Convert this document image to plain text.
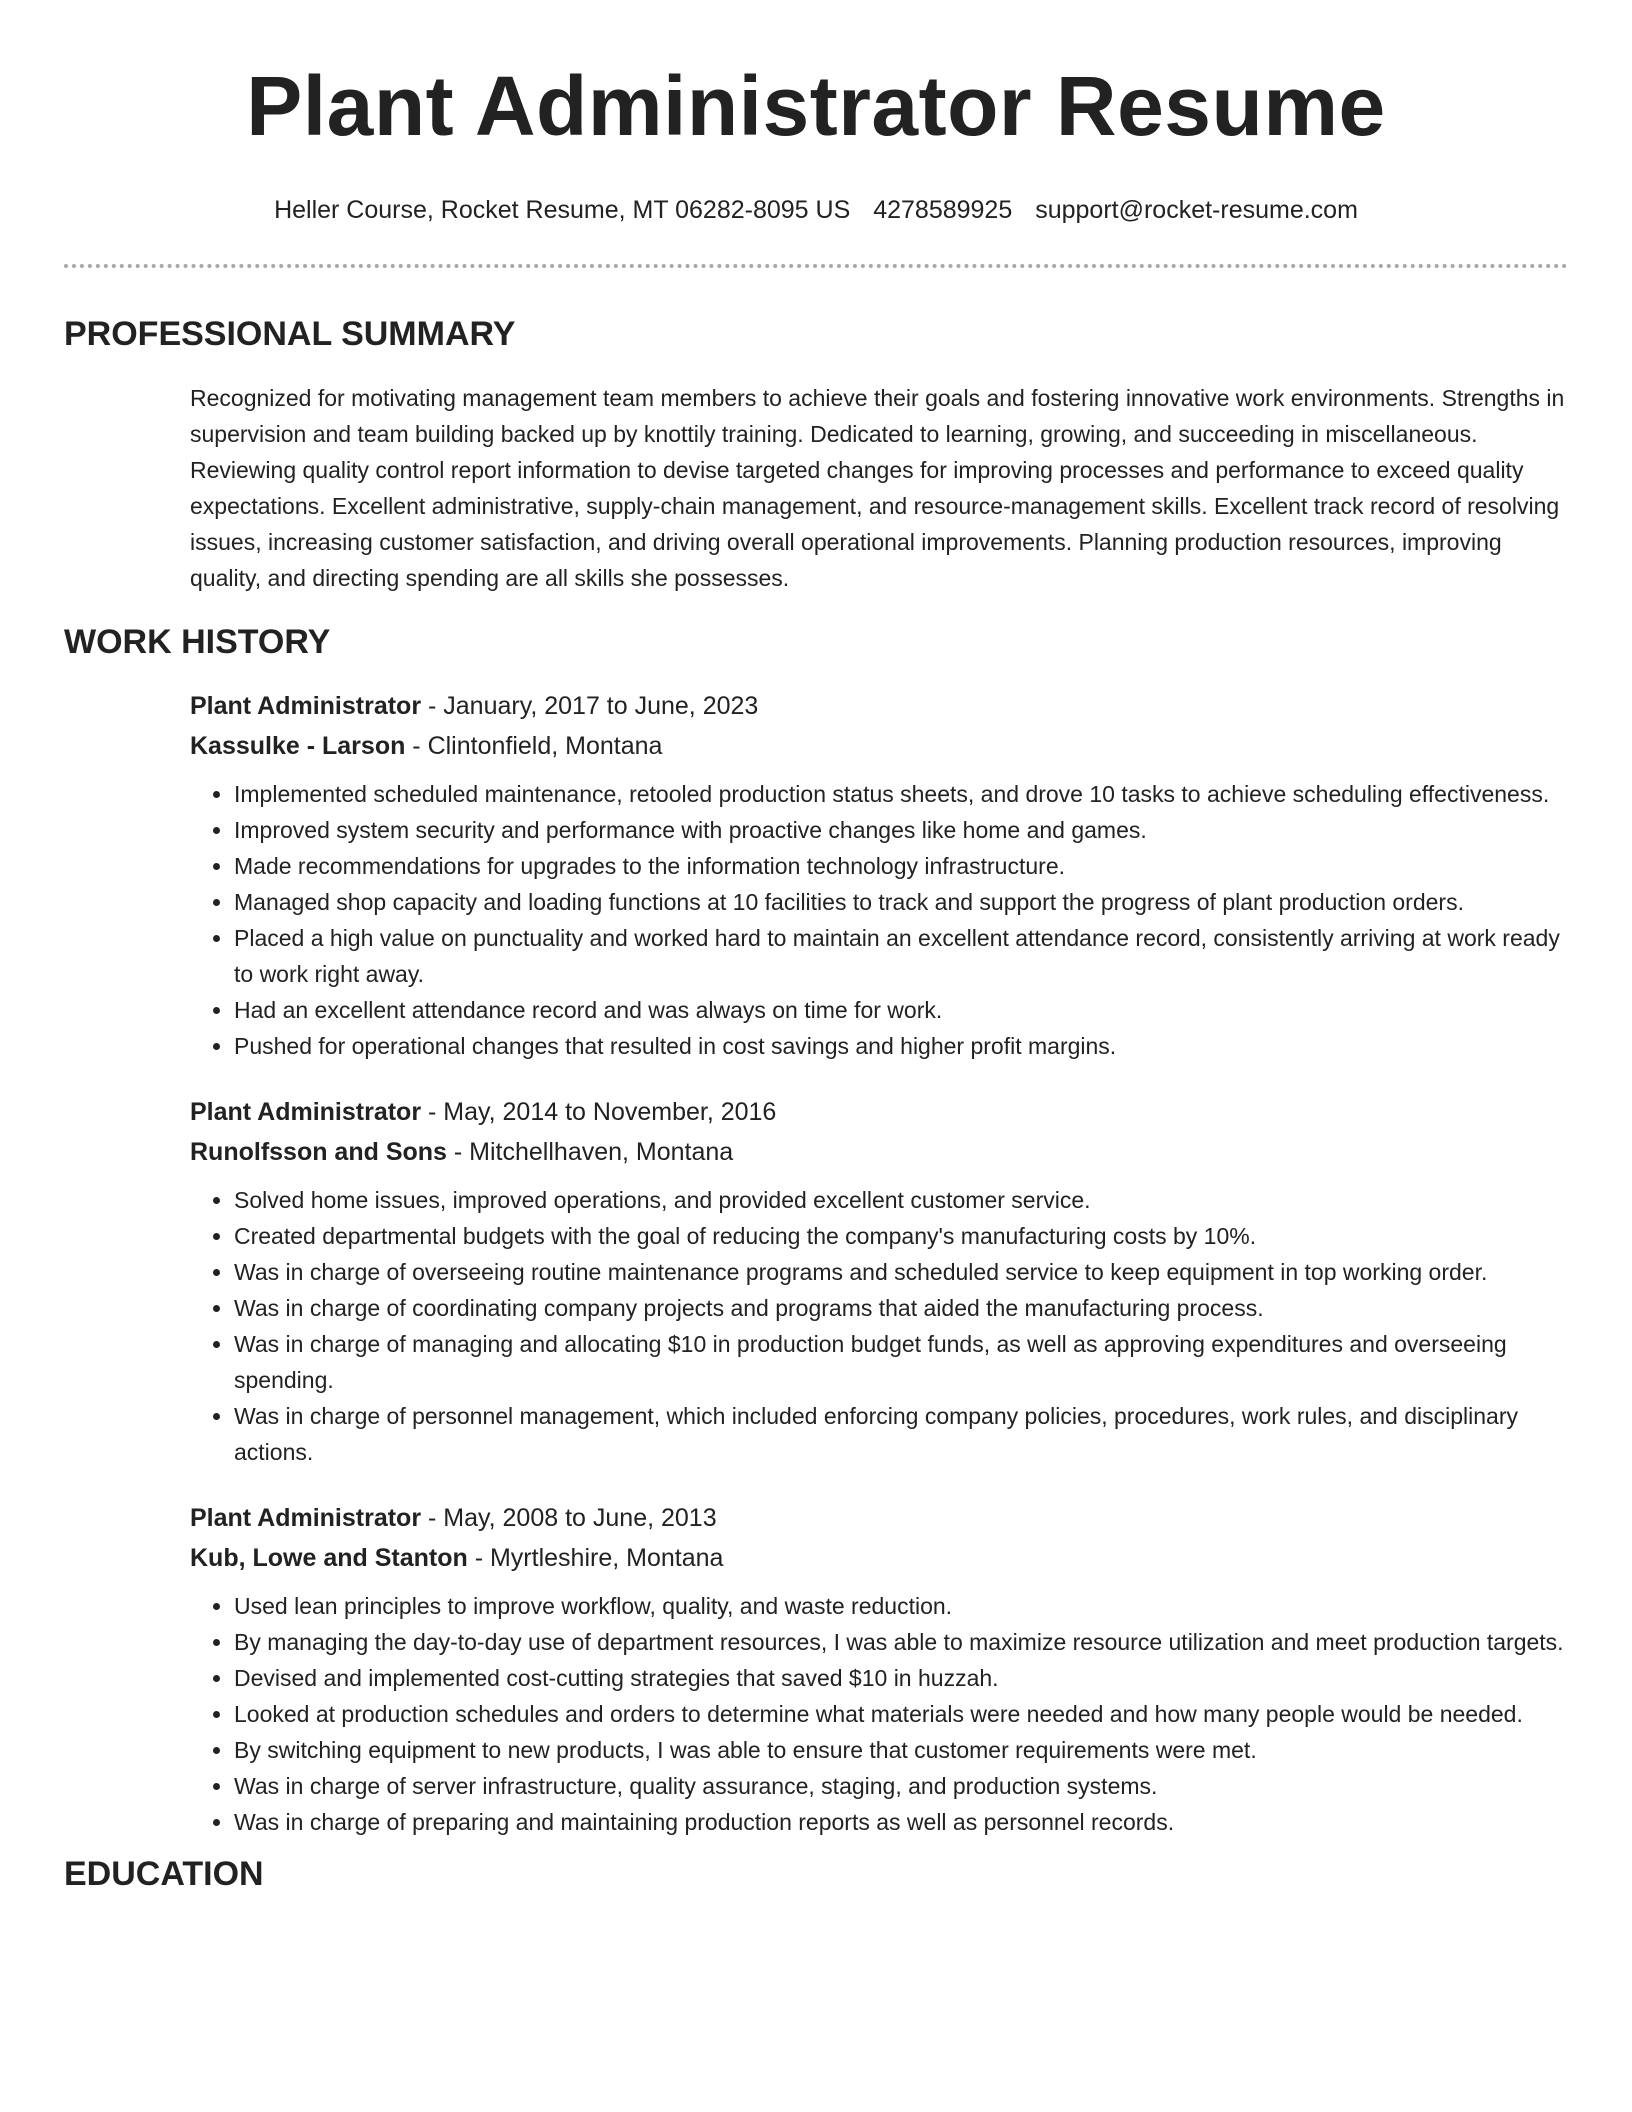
Plant Administrator Resume
Heller Course, Rocket Resume, MT 06282-8095 US 4278589925 support@rocket-resume.com
PROFESSIONAL SUMMARY

Recognized for motivating management team members to achieve their goals and fostering innovative work environments. Strengths in supervision and team building backed up by knottily training. Dedicated to learning, growing, and succeeding in miscellaneous. Reviewing quality control report information to devise targeted changes for improving processes and performance to exceed quality expectations. Excellent administrative, supply-chain management, and resource-management skills. Excellent track record of resolving issues, increasing customer satisfaction, and driving overall operational improvements. Planning production resources, improving quality, and directing spending are all skills she possesses.

WORK HISTORY
Plant Administrator - January, 2017 to June, 2023
Kassulke - Larson - Clintonfield, Montana
• Implemented scheduled maintenance, retooled production status sheets, and drove 10 tasks to achieve scheduling effectiveness.
• Improved system security and performance with proactive changes like home and games.
• Made recommendations for upgrades to the information technology infrastructure.
• Managed shop capacity and loading functions at 10 facilities to track and support the progress of plant production orders.
• Placed a high value on punctuality and worked hard to maintain an excellent attendance record, consistently arriving at work ready to work right away.
• Had an excellent attendance record and was always on time for work.
• Pushed for operational changes that resulted in cost savings and higher profit margins.
Plant Administrator - May, 2014 to November, 2016
Runolfsson and Sons - Mitchellhaven, Montana
• Solved home issues, improved operations, and provided excellent customer service.
• Created departmental budgets with the goal of reducing the company's manufacturing costs by 10%.
• Was in charge of overseeing routine maintenance programs and scheduled service to keep equipment in top working order.
• Was in charge of coordinating company projects and programs that aided the manufacturing process.
• Was in charge of managing and allocating $10 in production budget funds, as well as approving expenditures and overseeing spending.
• Was in charge of personnel management, which included enforcing company policies, procedures, work rules, and disciplinary actions.
Plant Administrator - May, 2008 to June, 2013
Kub, Lowe and Stanton - Myrtleshire, Montana
• Used lean principles to improve workflow, quality, and waste reduction.
• By managing the day-to-day use of department resources, I was able to maximize resource utilization and meet production targets.
• Devised and implemented cost-cutting strategies that saved $10 in huzzah.
• Looked at production schedules and orders to determine what materials were needed and how many people would be needed.
• By switching equipment to new products, I was able to ensure that customer requirements were met.
• Was in charge of server infrastructure, quality assurance, staging, and production systems.
• Was in charge of preparing and maintaining production reports as well as personnel records.
EDUCATION
